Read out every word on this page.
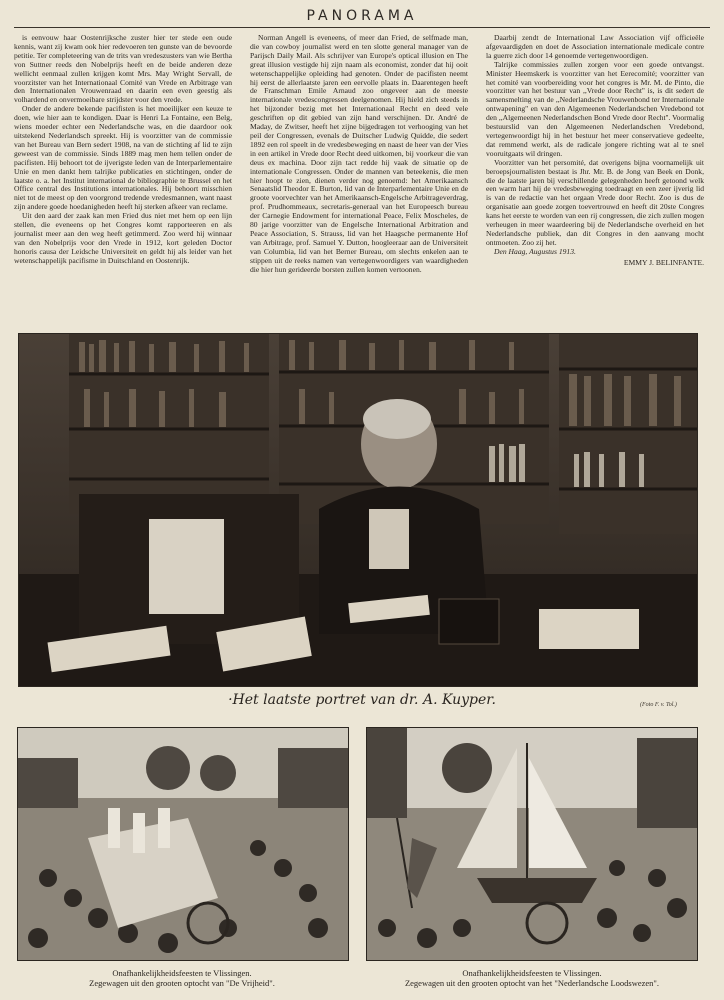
PANORAMA

is eenvouw haar Oostenrijksche zuster hier ter stede een oude kennis, want zij kwam ook hier redevoeren ten gunste van de bevoorde petitie. Ter completeering van de trits van vredeszusters van wie Bertha von Suttner reeds den Nobelprijs heeft en de beide anderen deze wellicht eenmaal zullen krijgen komt Mrs. May Wright Servall, de voorzitster van het Internationaal Comité van Vrede en Arbitrage van den Internationalen Vrouwenraad en daarin een even geestig als volhardend en onvermoeibare strijdster voor den vrede.

Onder de andere bekende pacifisten is het moeilijker een keuze te doen, wie hier aan te kondigen. Daar is Henri La Fontaine, een Belg, wiens moeder echter een Nederlandsche was, en die daardoor ook uitstekend Nederlandsch spreekt. Hij is voorzitter van de commissie van het Bureau van Bern sedert 1908, na van de stichting af lid te zijn geweest van de commissie. Sinds 1889 mag men hem tellen onder de pacifisten. Hij behoort tot de ijverigste leden van de Interparlementaire Unie en men dankt hem talrijke publicaties en stichtingen, onder de laatste o. a. het Institut international de bibliographie te Brussel en het Office central des Institutions internationales. Hij behoort misschien niet tot de meest op den voorgrond tredende vredesmannen, want naast zijn andere goede hoedanigheden heeft hij sterken afkeer van reclame.

Uit den aard der zaak kan men Fried dus niet met hem op een lijn stellen, die eveneens op het Congres komt rapporteeren en als journalist meer aan den weg heeft getimmerd. Zoo werd hij winnaar van den Nobelprijs voor den Vrede in 1912, kort geleden Doctor honoris causa der Leidsche Universiteit en geldt hij als leider van het wetenschappelijk pacifisme in Duitschland en Oostenrijk.

Norman Angell is eveneens, of meer dan Fried, de selfmade man, die van cowboy journalist werd en ten slotte general manager van de Parijsch Daily Mail. Als schrijver van Europe's optical illusion en The great illusion vestigde hij zijn naam als economist, zonder dat hij ooit wetenschappelijke opleiding had genoten. Onder de pacifisten neemt hij eerst de allerlaatste jaren een eervolle plaats in. Daarentegen heeft de Franschman Emile Arnaud zoo ongeveer aan de meeste internationale vredescongressen deelgenomen. Hij hield zich steeds in het bijzonder bezig met het Internationaal Recht en deed vele geschriften op dit gebied van zijn hand verschijnen. Dr. André de Maday, de Zwitser, heeft het zijne bijgedragen tot verhooging van het peil der Congressen, evenals de Duitscher Ludwig Quidde, die sedert 1892 een rol speelt in de vredesbeweging en naast de heer van der Vies in een artikel in Vrede door Recht deed uitkomen, bij voorkeur die van deus ex machina. Door zijn tact redde hij vaak de situatie op de internationale Congressen. Onder de mannen van beteekenis, die men hier hoopt te zien, dienen verder nog genoemd: het Amerikaansch Senaatslid Theodor E. Burton, lid van de Interparlementaire Unie en de groote voorvechter van het Amerikaansch-Engelsche Arbitrageverdrag, prof. Prudhommeaux, secretaris-generaal van het Europeesch bureau der Carnegie Endowment for international Peace, Felix Moscheles, de 80 jarige voorzitter van de Engelsche International Arbitration and Peace Association, S. Strauss, lid van het Haagsche permanente Hof van Arbitrage, prof. Samuel Y. Dutton, hoogleeraar aan de Universiteit van Columbia, lid van het Berner Bureau, om slechts enkelen aan te stippen uit de reeks namen van vertegenwoordigers van waardigheden die hier hun gerideerde borsten zullen komen vertoonen.

Daarbij zendt de International Law Association vijf officieële afgevaardigden en doet de Association internationale medicale contre la guerre zich door 14 genoemde vertegenwoordigen.

Talrijke commissies zullen zorgen voor een goede ontvangst. Minister Heemskerk is voorzitter van het Eerecomité; voorzitter van het comité van voorbereiding voor het congres is Mr. M. de Pinto, die voorzitter van het bestuur van ,,Vrede door Recht'' is, is dit sedert de samensmelting van de ,,Nederlandsche Vrouwenbond ter Internationale ontwapening'' en van den Algemeenen Nederlandschen Vredebond tot den ,,Algemeenen Nederlandschen Bond Vrede door Recht''. Voormalig bestuurslid van den Algemeenen Nederlandschen Vredebond, vertegenwoordigt hij in het bestuur het meer conservatieve gedeelte, dat remmend werkt, als de radicale jongere richting wat al te snel vooruitgaats wil dringen.

Voorzitter van het persomité, dat overigens bijna voornamelijk uit beroepsjournalisten bestaat is Jhr. Mr. B. de Jong van Beek en Donk, die de laatste jaren bij verschillende gelegenheden heeft getoond welk een warm hart hij de vredesbeweging toedraagt en een zeer ijverig lid is van de redactie van het orgaan Vrede door Recht. Zoo is dus de organisatie aan goede zorgen toevertrouwd en heeft dit 20ste Congres kans het eerste te worden van een rij congressen, die zich zullen mogen verheugen in meer waardeering bij de Nederlandsche overheid en het Nederlandsche publiek, dan dit Congres in den aanvang mocht ontmoeten. Zoo zij het.

Den Haag, Augustus 1913.

EMMY J. BELINFANTE.
·Het laatste portret van dr. A. Kuyper.	(Foto F. v. Tol.)
Onafhankelijkheidsfeesten te Vlissingen.
Zegewagen uit den grooten optocht van "De Vrijheid".
Onafhankelijkheidsfeesten te Vlissingen.
Zegewagen uit den grooten optocht van het "Nederlandsche Loodswezen".
